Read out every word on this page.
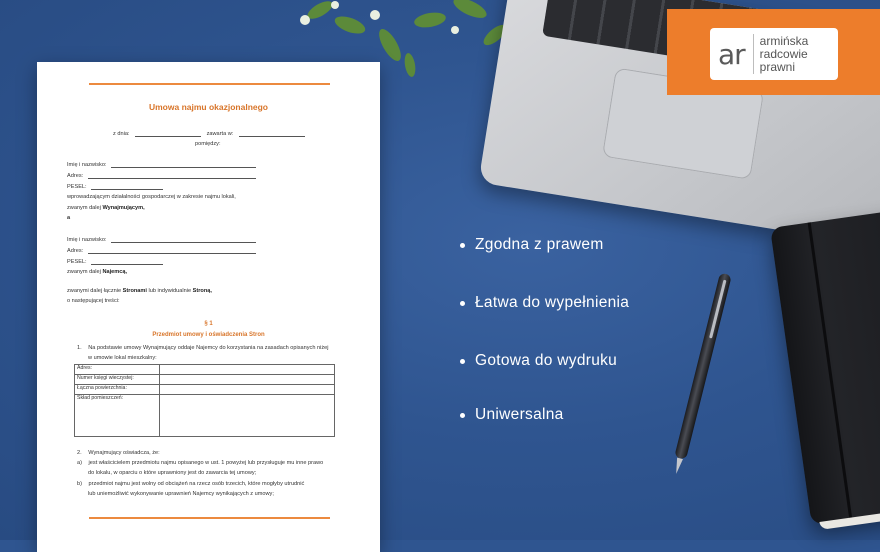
ar armińska
radcowie
prawni
Umowa najmu okazjonalnego
z dnia:	zawarta w:
pomiędzy:
Imię i nazwisko:
Adres:
PESEL:
wprowadzającym działalności gospodarczej w zakresie najmu lokali,
zwanym dalej Wynajmującym,
a
Imię i nazwisko:
Adres:
PESEL:
zwanym dalej Najemcą,
zwanymi dalej łącznie Stronami lub indywidualnie Stroną,
o następującej treści:
§ 1
Przedmiot umowy i oświadczenia Stron
1. Na podstawie umowy Wynajmujący oddaje Najemcy do korzystania na zasadach opisanych niżej
w umowie lokal mieszkalny:
Adres:	
Numer księgi wieczystej:	
Łączna powierzchnia:	
Skład pomieszczeń:	
2. Wynajmujący oświadcza, że:
a) jest właścicielem przedmiotu najmu opisanego w ust. 1 powyżej lub przysługuje mu inne prawo
do lokalu, w oparciu o które uprawniony jest do zawarcia tej umowy;
b) przedmiot najmu jest wolny od obciążeń na rzecz osób trzecich, które mogłyby utrudnić
lub uniemożliwić wykonywanie uprawnień Najemcy wynikających z umowy;
Zgodna z prawem
Łatwa do wypełnienia
Gotowa do wydruku
Uniwersalna
